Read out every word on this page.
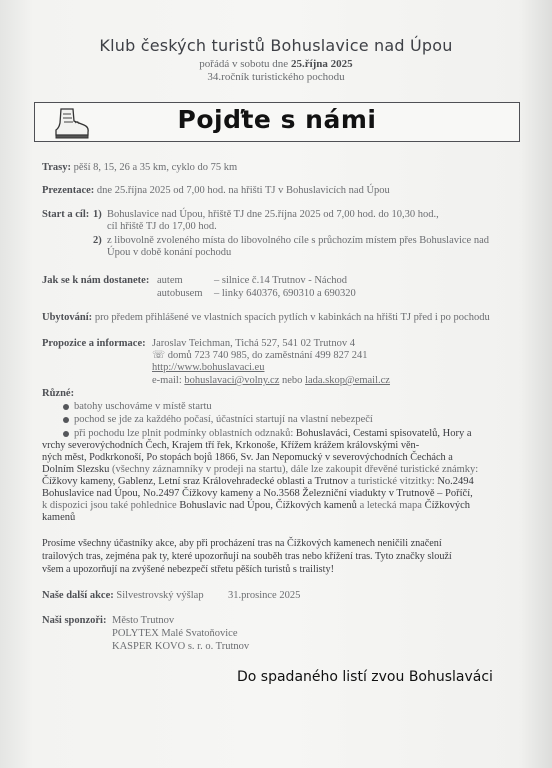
Klub českých turistů Bohuslavice nad Úpou
pořádá v sobotu dne 25.října 2025
34.ročník turistického pochodu
Pojďte s námi
Trasy: pěší 8, 15, 26 a 35 km, cyklo do 75 km
Prezentace: dne 25.října 2025 od 7,00 hod. na hřišti TJ v Bohuslavicích nad Úpou
Start a cíl: 1) Bohuslavice nad Úpou, hřiště TJ dne 25.října 2025 od 7,00 hod. do 10,30 hod.,
cíl hřiště TJ do 17,00 hod.
2) z libovolně zvoleného místa do libovolného cíle s průchozím místem přes Bohuslavice nad
Úpou v době konání pochodu
Jak se k nám dostanete: autem	– silnice č.14 Trutnov - Náchod
autobusem – linky 640376, 690310 a 690320
Ubytování: pro předem přihlášené ve vlastních spacích pytlích v kabinkách na hřišti TJ před i po pochodu
Propozice a informace: Jaroslav Teichman, Tichá 527, 541 02 Trutnov 4
☏ domů 723 740 985, do zaměstnání 499 827 241
http://www.bohuslavaci.eu
e-mail: bohuslavaci@volny.cz nebo lada.skop@email.cz
Různé:
batohy uschováme v místě startu
pochod se jde za každého počasí, účastníci startují na vlastní nebezpečí
při pochodu lze plnit podmínky oblastních odznaků: Bohuslaváci, Cestami spisovatelů, Hory a
vrchy severovýchodních Čech, Krajem tří řek, Krkonoše, Křížem krážem královskými věn-
ných měst, Podkrkonoší, Po stopách bojů 1866, Sv. Jan Nepomucký v severovýchodních Čechách a
Dolním Slezsku (všechny záznamníky v prodeji na startu), dále lze zakoupit dřevěné turistické známky:
Čížkovy kameny, Gablenz, Letní sraz Královehradecké oblasti a Trutnov a turistické vitzitky: No.2494
Bohuslavice nad Úpou, No.2497 Čížkovy kameny a No.3568 Železniční viadukty v Trutnově – Poříčí,
k dispozici jsou také pohlednice Bohuslavic nad Úpou, Čížkových kamenů a letecká mapa Čížkových
kamenů
Prosíme všechny účastníky akce, aby při procházení tras na Čížkových kamenech neničili značení
trailových tras, zejména pak ty, které upozorňují na souběh tras nebo křížení tras. Tyto značky slouží
všem a upozorňují na zvýšené nebezpečí střetu pěších turistů s trailisty!
Naše další akce: Silvestrovský výšlap 31.prosince 2025
Naši sponzoři: Město Trutnov
POLYTEX Malé Svatoňovice
KASPER KOVO s. r. o. Trutnov
Do spadaného listí zvou Bohuslaváci
